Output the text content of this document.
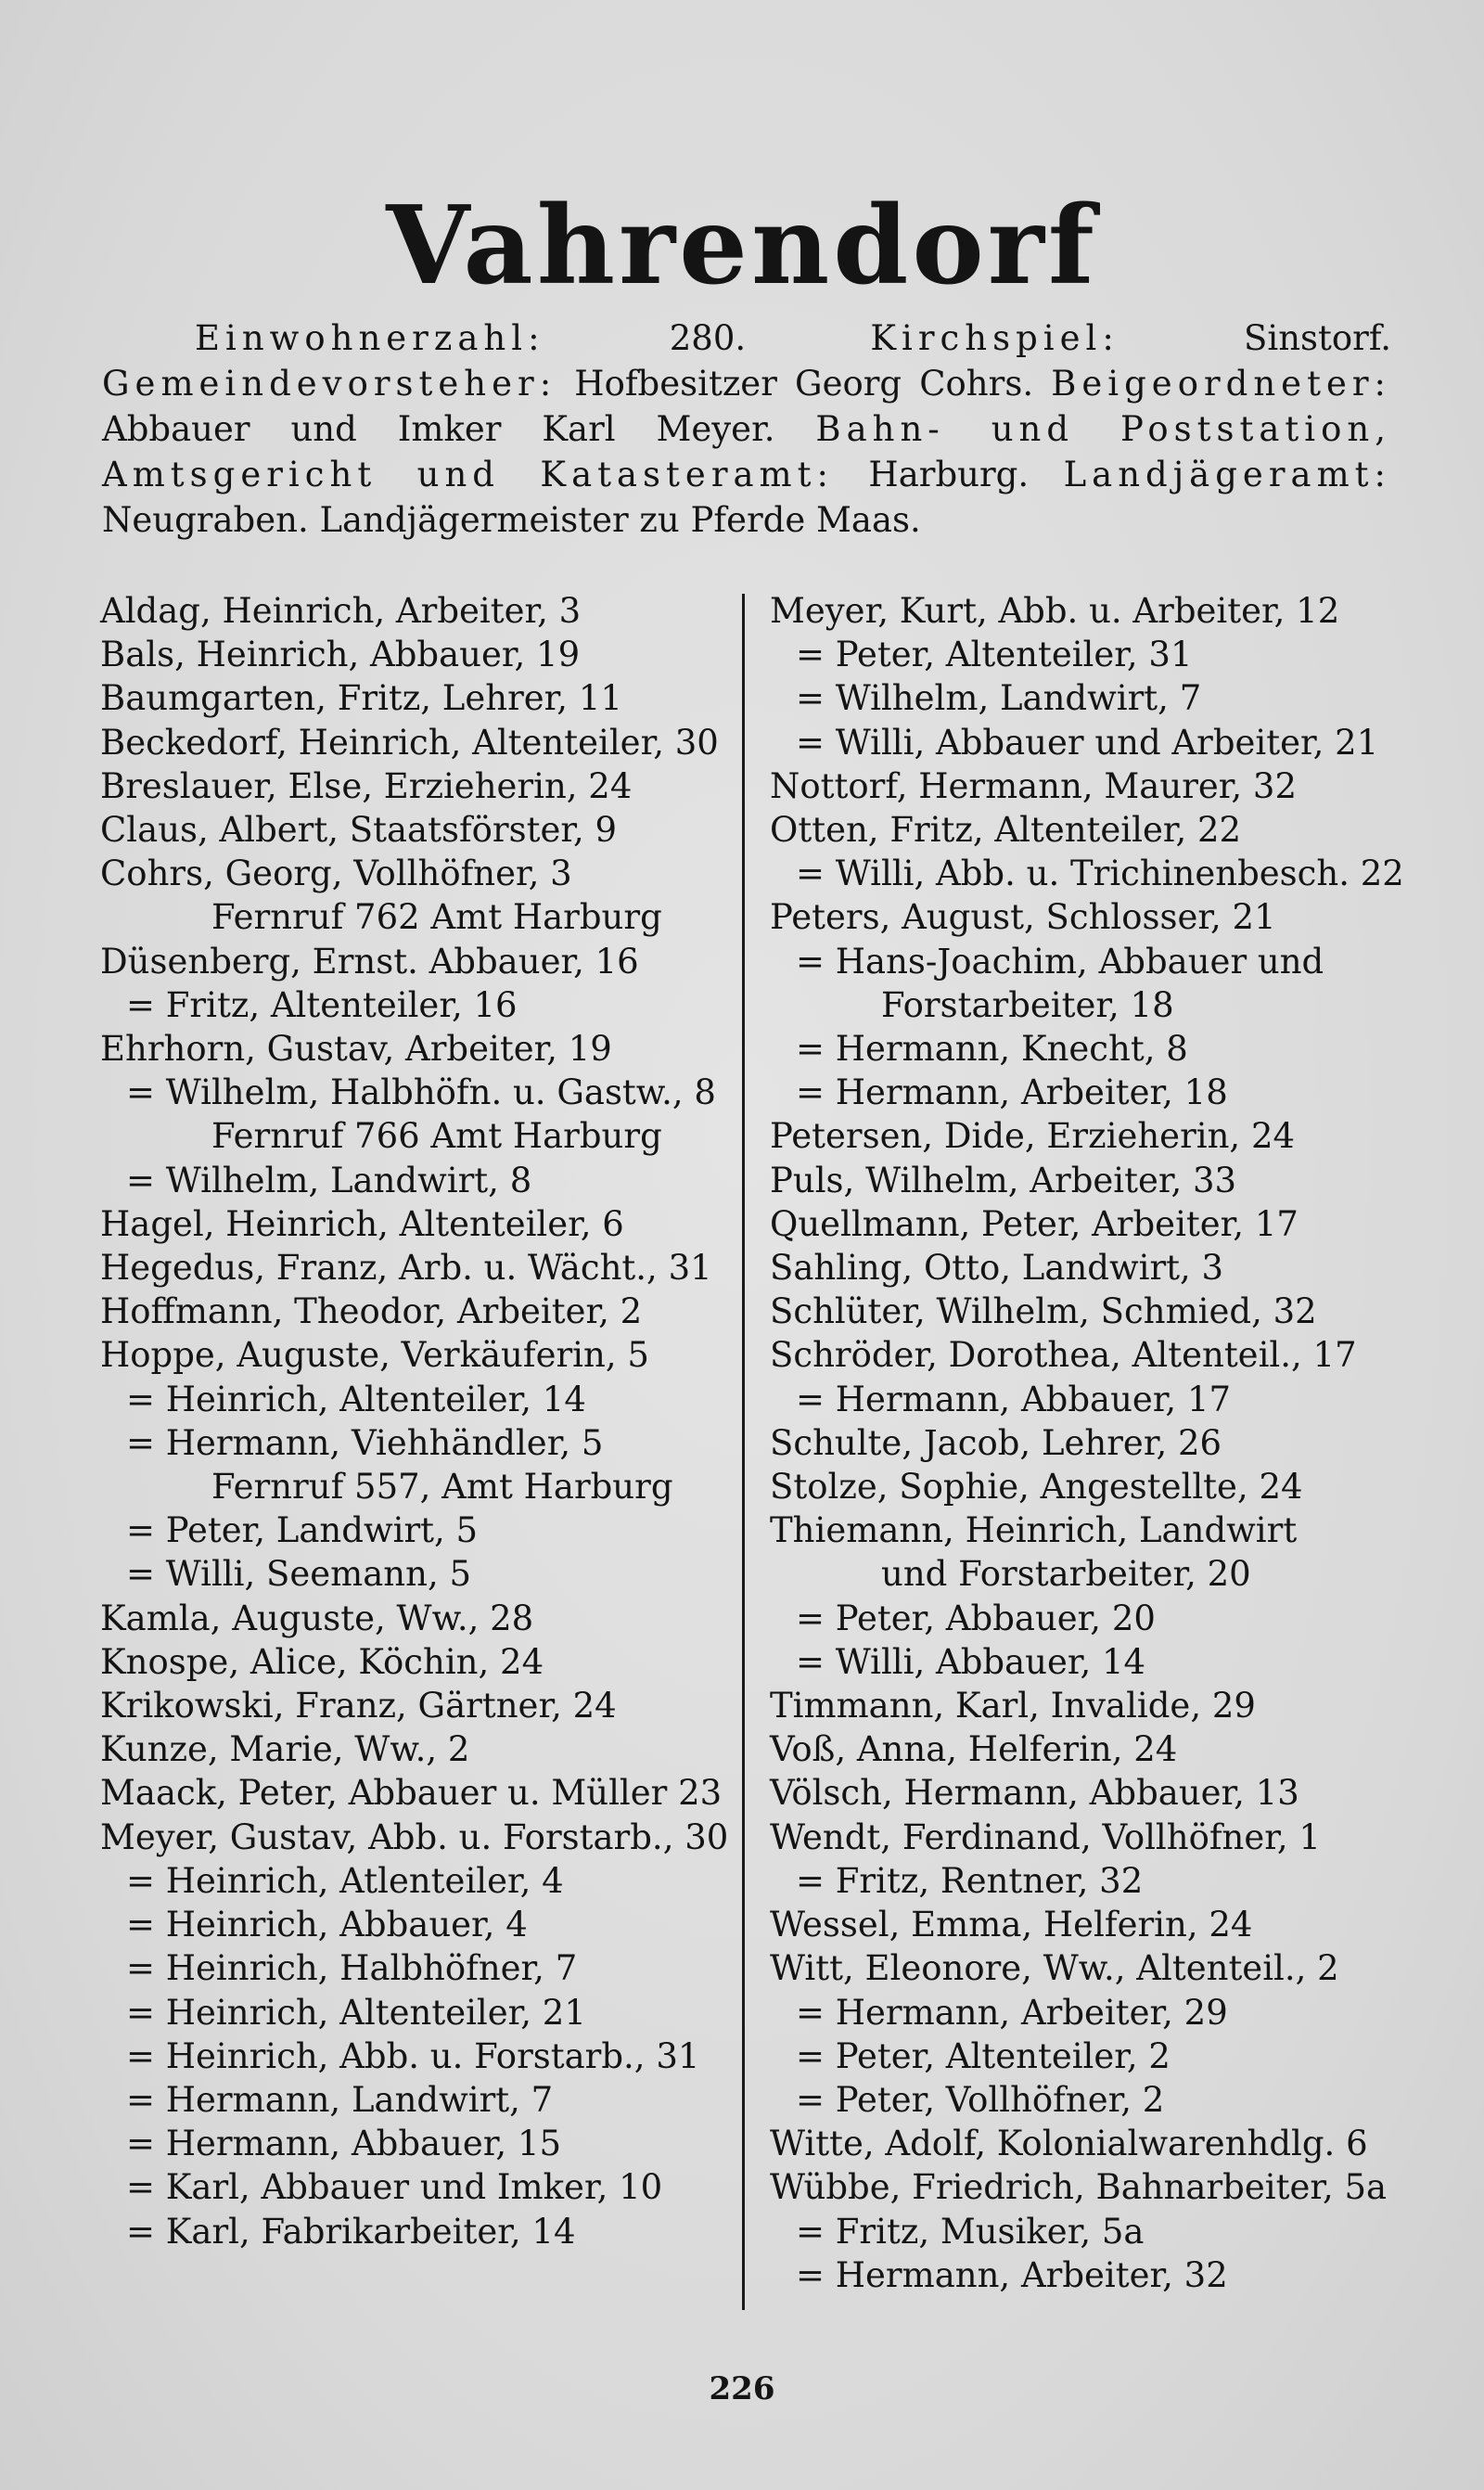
Vahrendorf
Einwohnerzahl: 280. Kirchspiel: Sinstorf. Gemeindevorsteher: Hofbesitzer Georg Cohrs. Beigeordneter: Abbauer und Imker Karl Meyer. Bahn- und Poststation, Amtsgericht und Katasteramt: Harburg. Landjägeramt: Neugraben. Landjägermeister zu Pferde Maas.
Aldag, Heinrich, Arbeiter, 3
Bals, Heinrich, Abbauer, 19
Baumgarten, Fritz, Lehrer, 11
Beckedorf, Heinrich, Altenteiler, 30
Breslauer, Else, Erzieherin, 24
Claus, Albert, Staatsförster, 9
Cohrs, Georg, Vollhöfner, 3
Fernruf 762 Amt Harburg
Düsenberg, Ernst. Abbauer, 16
= Fritz, Altenteiler, 16
Ehrhorn, Gustav, Arbeiter, 19
= Wilhelm, Halbhöfn. u. Gastw., 8
Fernruf 766 Amt Harburg
= Wilhelm, Landwirt, 8
Hagel, Heinrich, Altenteiler, 6
Hegedus, Franz, Arb. u. Wächt., 31
Hoffmann, Theodor, Arbeiter, 2
Hoppe, Auguste, Verkäuferin, 5
= Heinrich, Altenteiler, 14
= Hermann, Viehhändler, 5
Fernruf 557, Amt Harburg
= Peter, Landwirt, 5
= Willi, Seemann, 5
Kamla, Auguste, Ww., 28
Knospe, Alice, Köchin, 24
Krikowski, Franz, Gärtner, 24
Kunze, Marie, Ww., 2
Maack, Peter, Abbauer u. Müller 23
Meyer, Gustav, Abb. u. Forstarb., 30
= Heinrich, Atlenteiler, 4
= Heinrich, Abbauer, 4
= Heinrich, Halbhöfner, 7
= Heinrich, Altenteiler, 21
= Heinrich, Abb. u. Forstarb., 31
= Hermann, Landwirt, 7
= Hermann, Abbauer, 15
= Karl, Abbauer und Imker, 10
= Karl, Fabrikarbeiter, 14
Meyer, Kurt, Abb. u. Arbeiter, 12
= Peter, Altenteiler, 31
= Wilhelm, Landwirt, 7
= Willi, Abbauer und Arbeiter, 21
Nottorf, Hermann, Maurer, 32
Otten, Fritz, Altenteiler, 22
= Willi, Abb. u. Trichinenbesch. 22
Peters, August, Schlosser, 21
= Hans-Joachim, Abbauer und
Forstarbeiter, 18
= Hermann, Knecht, 8
= Hermann, Arbeiter, 18
Petersen, Dide, Erzieherin, 24
Puls, Wilhelm, Arbeiter, 33
Quellmann, Peter, Arbeiter, 17
Sahling, Otto, Landwirt, 3
Schlüter, Wilhelm, Schmied, 32
Schröder, Dorothea, Altenteil., 17
= Hermann, Abbauer, 17
Schulte, Jacob, Lehrer, 26
Stolze, Sophie, Angestellte, 24
Thiemann, Heinrich, Landwirt
und Forstarbeiter, 20
= Peter, Abbauer, 20
= Willi, Abbauer, 14
Timmann, Karl, Invalide, 29
Voß, Anna, Helferin, 24
Völsch, Hermann, Abbauer, 13
Wendt, Ferdinand, Vollhöfner, 1
= Fritz, Rentner, 32
Wessel, Emma, Helferin, 24
Witt, Eleonore, Ww., Altenteil., 2
= Hermann, Arbeiter, 29
= Peter, Altenteiler, 2
= Peter, Vollhöfner, 2
Witte, Adolf, Kolonialwarenhdlg. 6
Wübbe, Friedrich, Bahnarbeiter, 5a
= Fritz, Musiker, 5a
= Hermann, Arbeiter, 32
226
